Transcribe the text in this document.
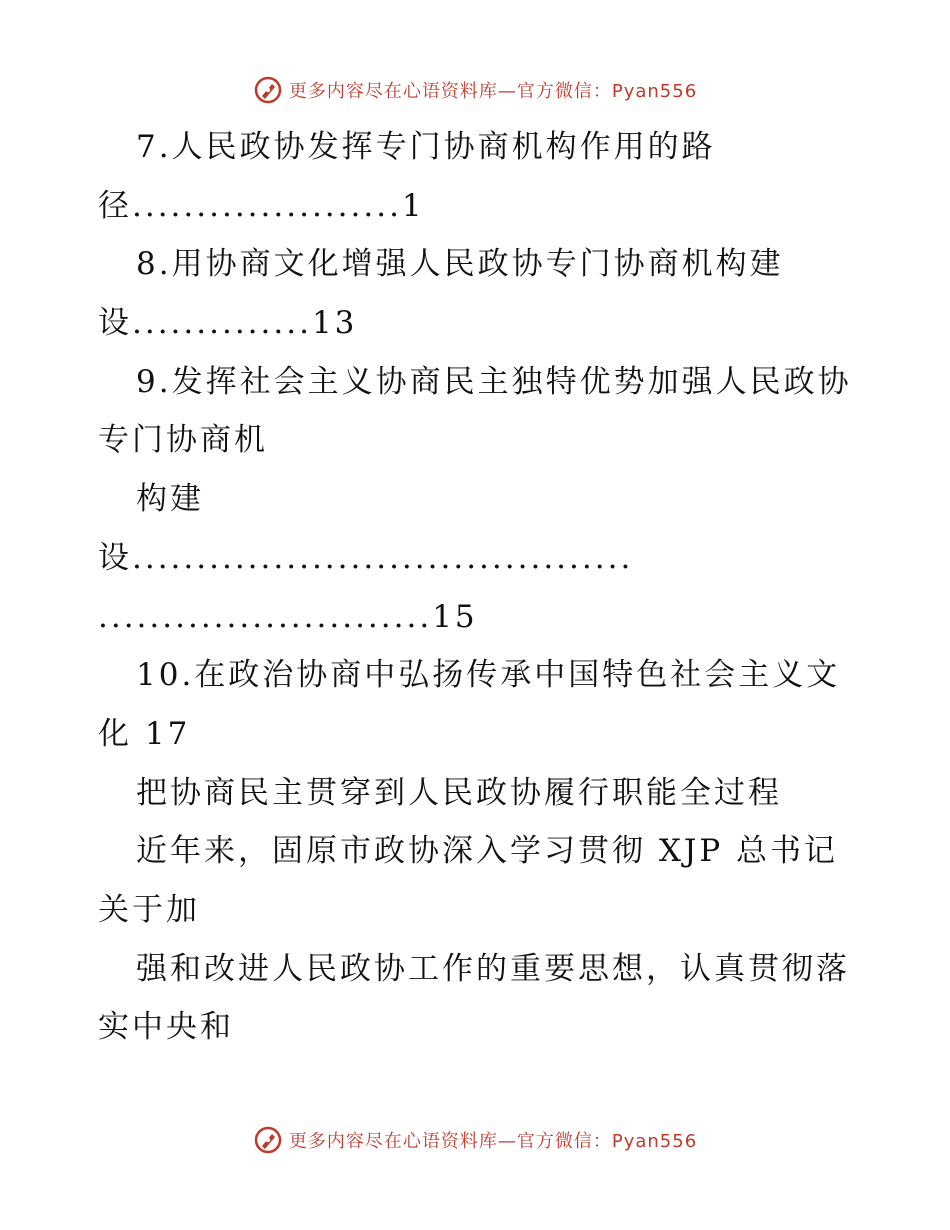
更多内容尽在心语资料库—官方微信：Pyan556
7.人民政协发挥专门协商机构作用的路
径.....................1
8.用协商文化增强人民政协专门协商机构建
设..............13
9.发挥社会主义协商民主独特优势加强人民政协
专门协商机
构建
设.......................................
..........................15
10.在政治协商中弘扬传承中国特色社会主义文
化 17
把协商民主贯穿到人民政协履行职能全过程
近年来，固原市政协深入学习贯彻 XJP 总书记
关于加
强和改进人民政协工作的重要思想，认真贯彻落
实中央和
更多内容尽在心语资料库—官方微信：Pyan556
